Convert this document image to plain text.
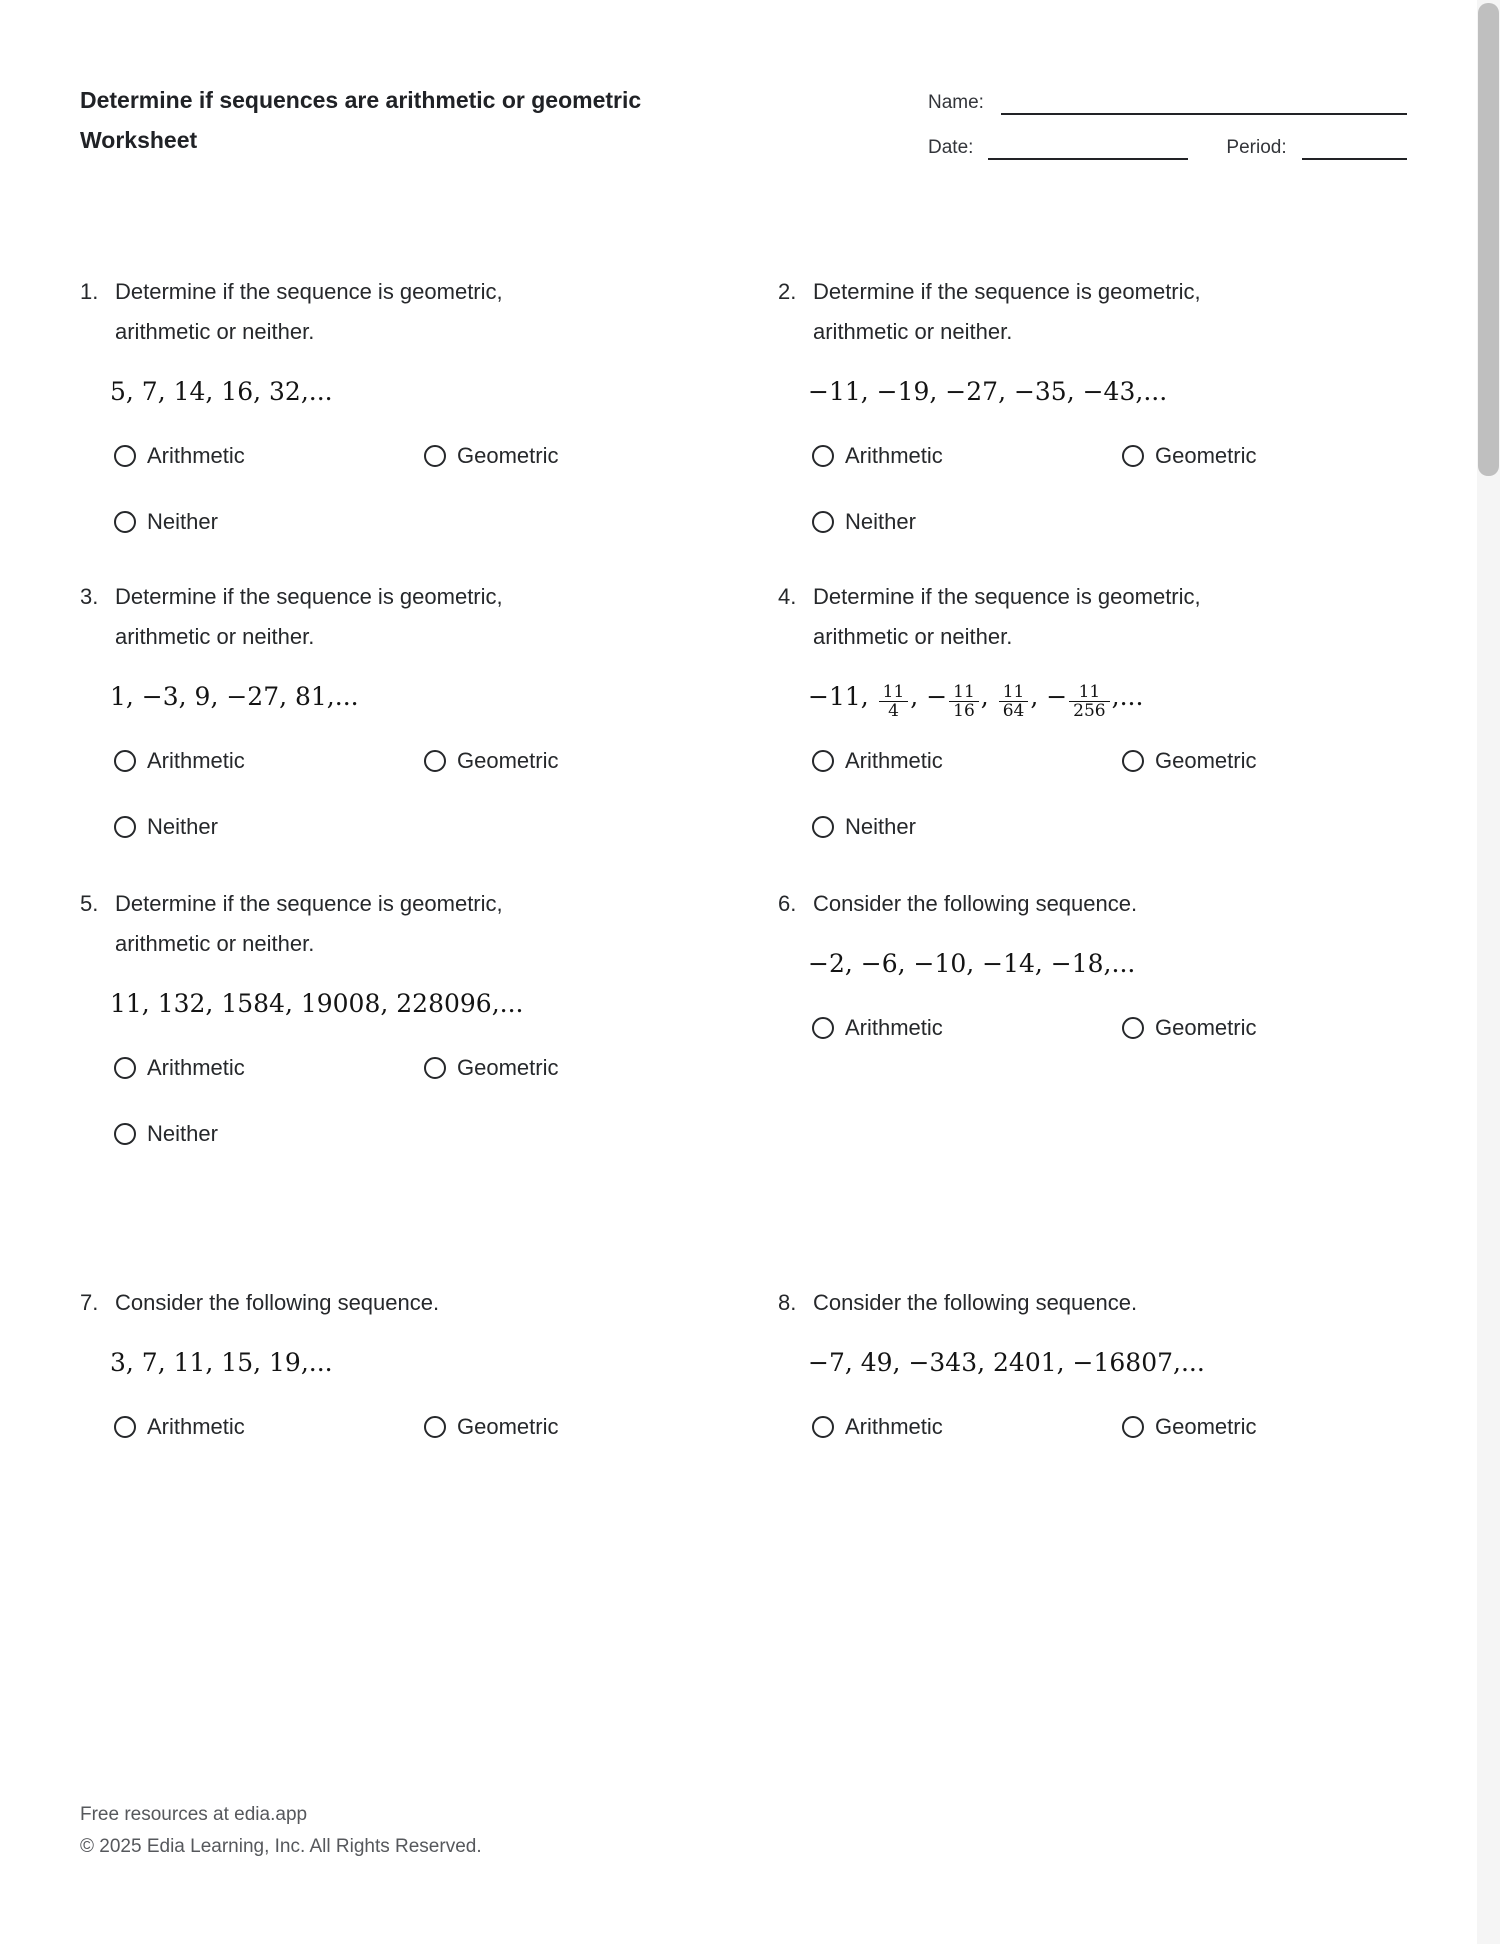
Determine if sequences are arithmetic or geometric
Worksheet
Name:
Date:	Period:
1. Determine if the sequence is geometric,
arithmetic or neither.
5, 7, 14, 16, 32,...
Arithmetic	Geometric
Neither
2. Determine if the sequence is geometric,
arithmetic or neither.
−11, −19, −27, −35, −43,...
Arithmetic	Geometric
Neither
3. Determine if the sequence is geometric,
arithmetic or neither.
1, −3, 9, −27, 81,...
Arithmetic	Geometric
Neither
4. Determine if the sequence is geometric,
arithmetic or neither.
−11, $\frac{11}{4}$ , − $\frac{11}{16}$ , $\frac{11}{64}$ , − $\frac{11}{256}$ ,...
Arithmetic	Geometric
Neither
5. Determine if the sequence is geometric,
arithmetic or neither.
11, 132, 1584, 19008, 228096,...
Arithmetic	Geometric
Neither
6. Consider the following sequence.
−2, −6, −10, −14, −18,...
Arithmetic	Geometric
7. Consider the following sequence.
3, 7, 11, 15, 19,...
Arithmetic	Geometric
8. Consider the following sequence.
−7, 49, −343, 2401, −16807,...
Arithmetic	Geometric
Free resources at edia.app
© 2025 Edia Learning, Inc. All Rights Reserved.
